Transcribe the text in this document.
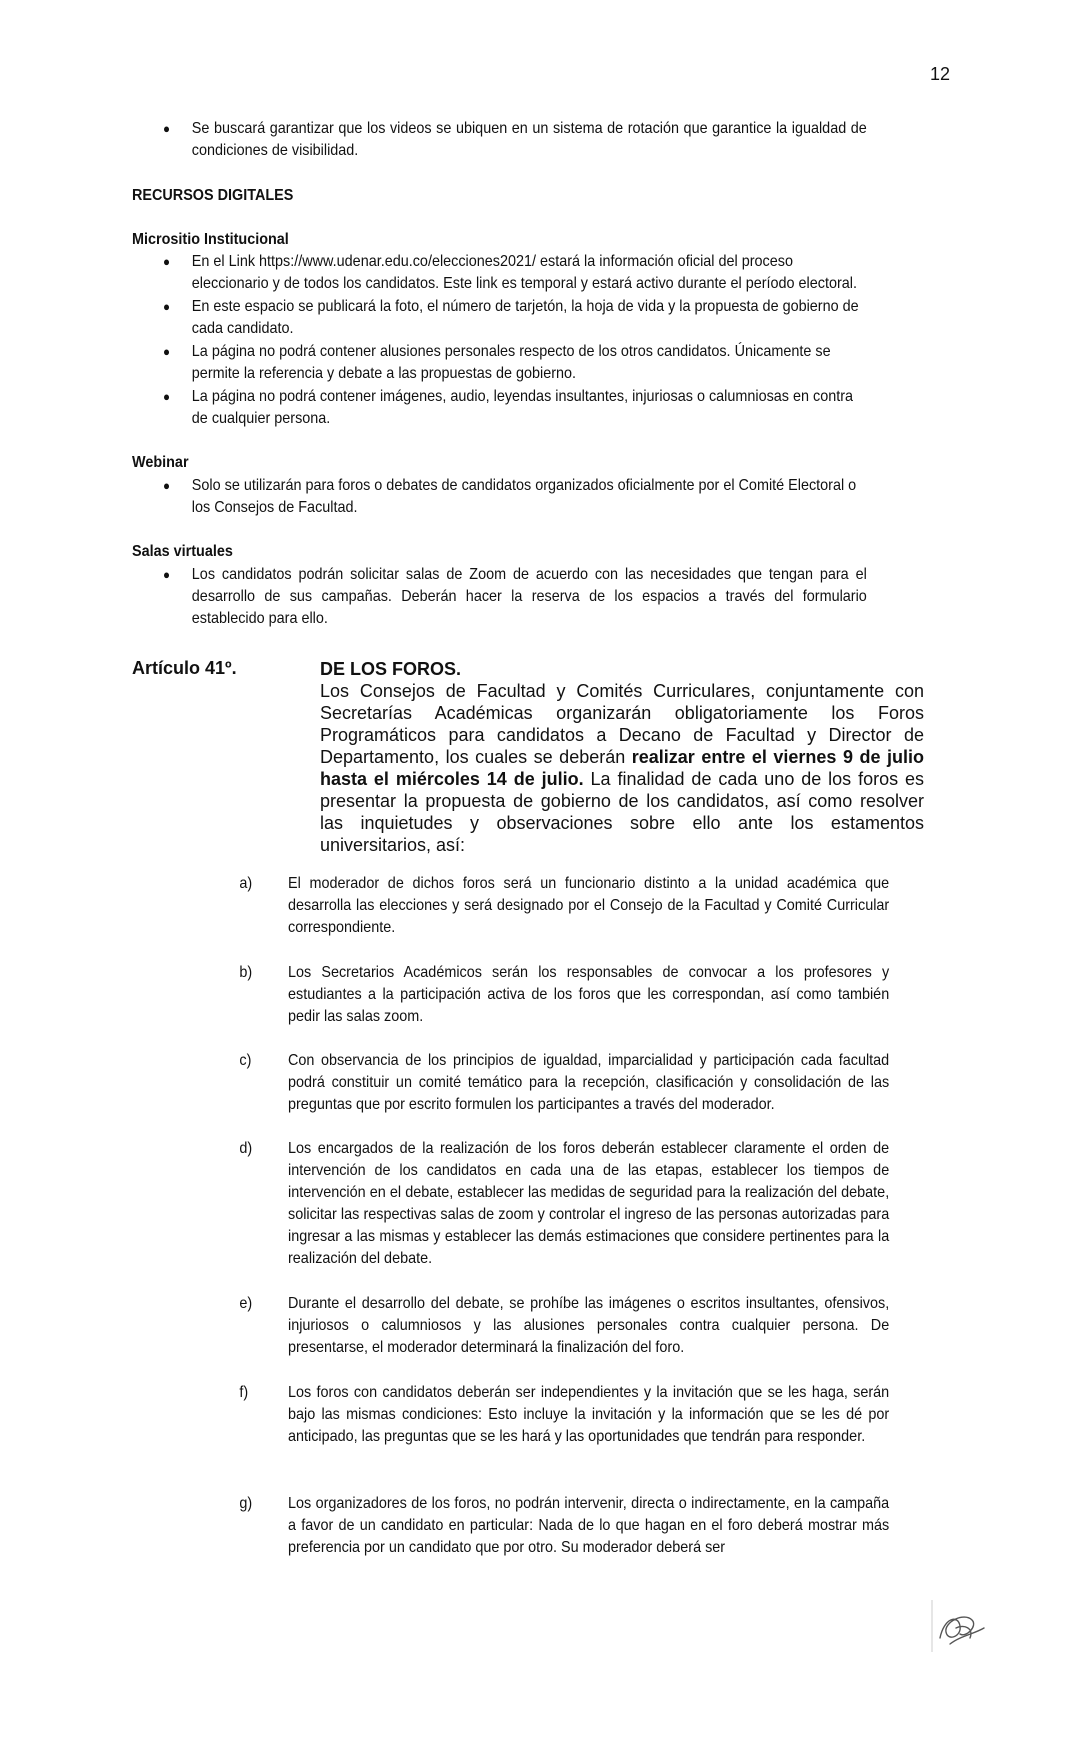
12
● Se buscará garantizar que los videos se ubiquen en un sistema de rotación que garantice la igualdad de condiciones de visibilidad.
RECURSOS DIGITALES
Micrositio Institucional
● En el Link https://www.udenar.edu.co/elecciones2021/ estará la información oficial del proceso eleccionario y de todos los candidatos. Este link es temporal y estará activo durante el período electoral.
● En este espacio se publicará la foto, el número de tarjetón, la hoja de vida y la propuesta de gobierno de cada candidato.
● La página no podrá contener alusiones personales respecto de los otros candidatos. Únicamente se permite la referencia y debate a las propuestas de gobierno.
● La página no podrá contener imágenes, audio, leyendas insultantes, injuriosas o calumniosas en contra de cualquier persona.
Webinar
● Solo se utilizarán para foros o debates de candidatos organizados oficialmente por el Comité Electoral o los Consejos de Facultad.
Salas virtuales
● Los candidatos podrán solicitar salas de Zoom de acuerdo con las necesidades que tengan para el desarrollo de sus campañas. Deberán hacer la reserva de los espacios a través del formulario establecido para ello.
Artículo 41º.	DE LOS FOROS.
Los Consejos de Facultad y Comités Curriculares, conjuntamente con Secretarías Académicas organizarán obligatoriamente los Foros Programáticos para candidatos a Decano de Facultad y Director de Departamento, los cuales se deberán realizar entre el viernes 9 de julio hasta el miércoles 14 de julio. La finalidad de cada uno de los foros es presentar la propuesta de gobierno de los candidatos, así como resolver las inquietudes y observaciones sobre ello ante los estamentos universitarios, así:
a) El moderador de dichos foros será un funcionario distinto a la unidad académica que desarrolla las elecciones y será designado por el Consejo de la Facultad y Comité Curricular correspondiente.
b) Los Secretarios Académicos serán los responsables de convocar a los profesores y estudiantes a la participación activa de los foros que les correspondan, así como también pedir las salas zoom.
c) Con observancia de los principios de igualdad, imparcialidad y participación cada facultad podrá constituir un comité temático para la recepción, clasificación y consolidación de las preguntas que por escrito formulen los participantes a través del moderador.
d) Los encargados de la realización de los foros deberán establecer claramente el orden de intervención de los candidatos en cada una de las etapas, establecer los tiempos de intervención en el debate, establecer las medidas de seguridad para la realización del debate, solicitar las respectivas salas de zoom y controlar el ingreso de las personas autorizadas para ingresar a las mismas y establecer las demás estimaciones que considere pertinentes para la realización del debate.
e) Durante el desarrollo del debate, se prohíbe las imágenes o escritos insultantes, ofensivos, injuriosos o calumniosos y las alusiones personales contra cualquier persona. De presentarse, el moderador determinará la finalización del foro.
f) Los foros con candidatos deberán ser independientes y la invitación que se les haga, serán bajo las mismas condiciones: Esto incluye la invitación y la información que se les dé por anticipado, las preguntas que se les hará y las oportunidades que tendrán para responder.
g) Los organizadores de los foros, no podrán intervenir, directa o indirectamente, en la campaña a favor de un candidato en particular: Nada de lo que hagan en el foro deberá mostrar más preferencia por un candidato que por otro. Su moderador deberá ser
